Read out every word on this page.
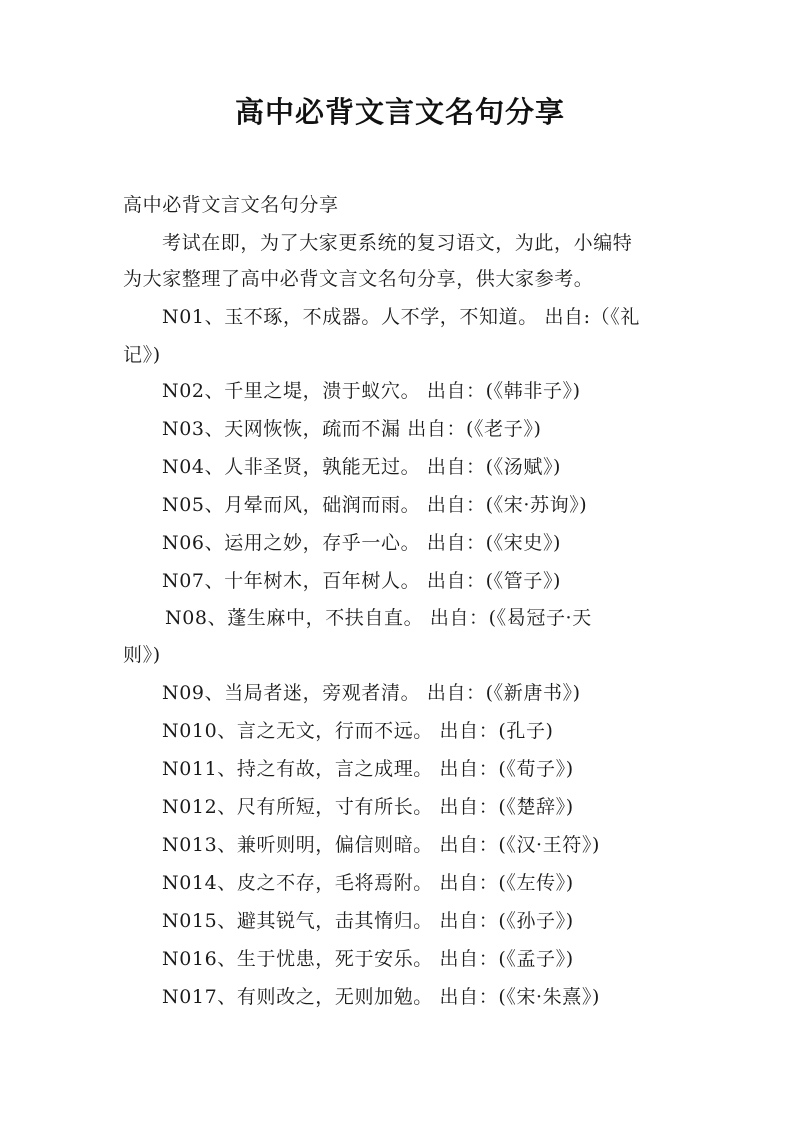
高中必背文言文名句分享
高中必背文言文名句分享
考试在即，为了大家更系统的复习语文，为此，小编特
为大家整理了高中必背文言文名句分享，供大家参考。
N01、玉不琢，不成器。人不学，不知道。 出自:（《礼
记》)
N02、千里之堤，溃于蚁穴。 出自：(《韩非子》)
N03、天网恢恢，疏而不漏 出自：(《老子》)
N04、人非圣贤，孰能无过。 出自：(《汤赋》)
N05、月晕而风，础润而雨。 出自：(《宋·苏询》)
N06、运用之妙，存乎一心。 出自：(《宋史》)
N07、十年树木，百年树人。 出自：(《管子》)
N08、蓬生麻中，不扶自直。 出自：(《曷冠子·天
则》)
N09、当局者迷，旁观者清。 出自：(《新唐书》)
N010、言之无文，行而不远。 出自：(孔子)
N011、持之有故，言之成理。 出自：(《荀子》)
N012、尺有所短，寸有所长。 出自：(《楚辞》)
N013、兼听则明，偏信则暗。 出自：(《汉·王符》)
N014、皮之不存，毛将焉附。 出自：(《左传》)
N015、避其锐气，击其惰归。 出自：(《孙子》)
N016、生于忧患，死于安乐。 出自：(《孟子》)
N017、有则改之，无则加勉。 出自：(《宋·朱熹》)
